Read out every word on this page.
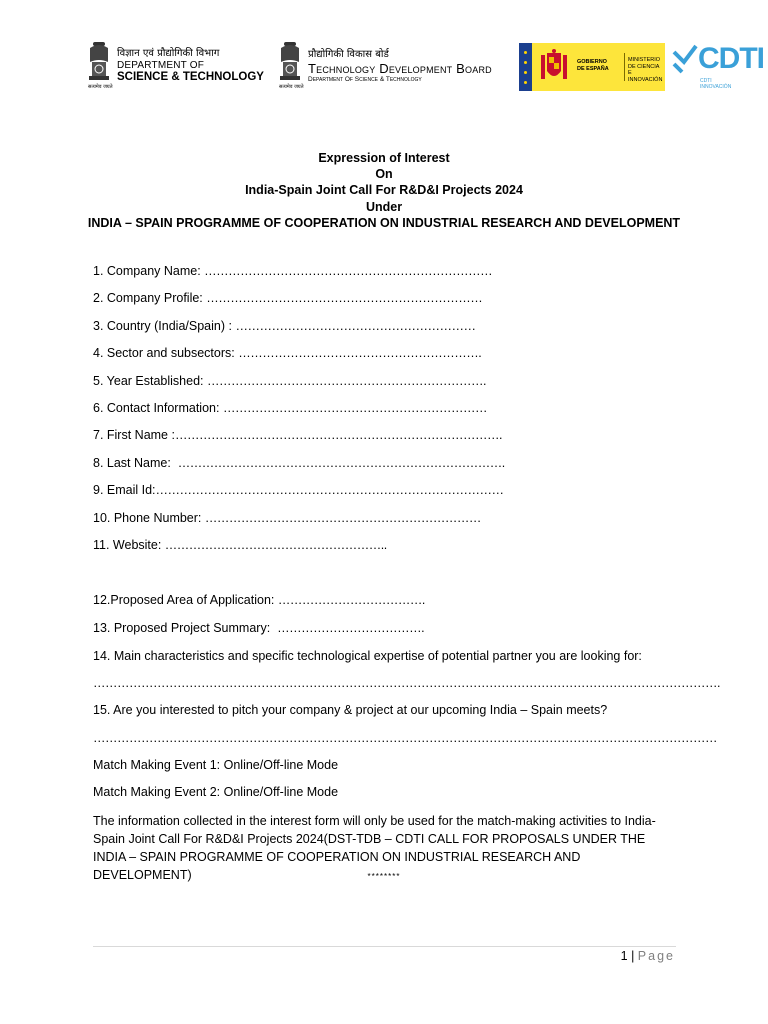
विज्ञान एवं प्रौद्योगिकी विभाग
DEPARTMENT OF
SCIENCE & TECHNOLOGY
सत्यमेव जयते
प्रौद्योगिकी विकास बोर्ड
Technology Development Board
Department Of Science & Technology
सत्यमेव जयते
GOBIERNO
DE ESPAÑA
MINISTERIO
DE CIENCIA
E INNOVACIÓN
CDTI
CDTI INNOVACIÓN
Expression of Interest
On
India-Spain Joint Call For R&D&I Projects 2024
Under
INDIA – SPAIN PROGRAMME OF COOPERATION ON INDUSTRIAL RESEARCH AND DEVELOPMENT
1. Company Name: ………………………………………………………………
2. Company Profile: ……………………………………………………………
3. Country (India/Spain) : ……………………………………………………
4. Sector and subsectors: …………………………………………………….
5. Year Established: …………………………………………………………….
6. Contact Information: …………………………………………………………
7. First Name :……………………………………………………………………….
8. Last Name:  ……………………………………………………………………….
9. Email Id:……………………………………………………………………………
10. Phone Number: ……………………………………………………………
11. Website: ………………………………………………..
12.Proposed Area of Application: ……………………………….
13. Proposed Project Summary:  ……………………………….
14. Main characteristics and specific technological expertise of potential partner you are looking for:
………………………………………………………………………………………………………………………………………….
15. Are you interested to pitch your company & project at our upcoming India – Spain meets?
…………………………………………………………………………………………………………………………………………
Match Making Event 1: Online/Off-line Mode
Match Making Event 2: Online/Off-line Mode
The information collected in the interest form will only be used for the match-making activities to India-Spain Joint Call For R&D&I Projects 2024(DST-TDB – CDTI CALL FOR PROPOSALS UNDER THE INDIA – SPAIN PROGRAMME OF COOPERATION ON INDUSTRIAL RESEARCH AND DEVELOPMENT)	********
1 | Page
